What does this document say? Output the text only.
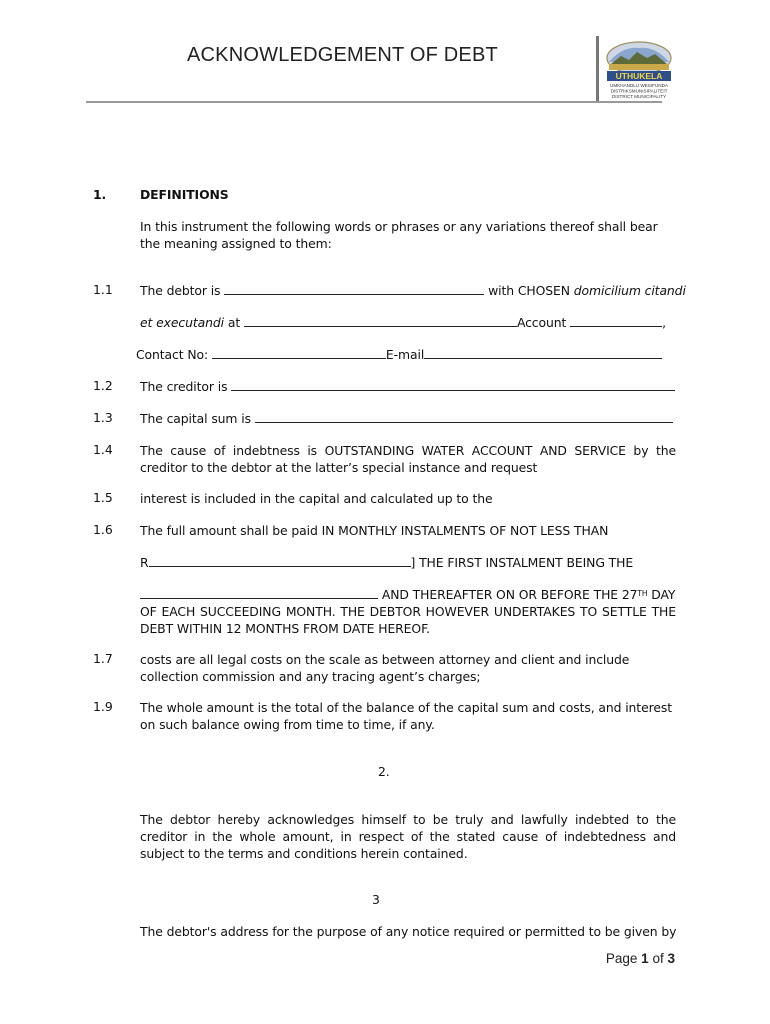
ACKNOWLEDGEMENT OF DEBT
UTHUKELA
UMKHANDLU WESIFUNDA
DISTRIKSMUNISIPALITEIT
DISTRICT MUNICIPALITY
1.	DEFINITIONS
In this instrument the following words or phrases or any variations thereof shall bear the meaning assigned to them:
1.1 The debtor is	with CHOSEN domicilium citandi
et executandi at	Account	,
Contact No:	E-mail
1.2 The creditor is
1.3 The capital sum is
1.4 The cause of indebtness is OUTSTANDING WATER ACCOUNT AND SERVICE by the creditor to the debtor at the latter’s special instance and request
1.5 interest is included in the capital and calculated up to the
1.6 The full amount shall be paid IN MONTHLY INSTALMENTS OF NOT LESS THAN
R	] THE FIRST INSTALMENT BEING THE
AND THEREAFTER ON OR BEFORE THE 27TH DAY
OF EACH SUCCEEDING MONTH. THE DEBTOR HOWEVER UNDERTAKES TO SETTLE THE DEBT WITHIN 12 MONTHS FROM DATE HEREOF.
1.7 costs are all legal costs on the scale as between attorney and client and include collection commission and any tracing agent’s charges;
1.9 The whole amount is the total of the balance of the capital sum and costs, and interest on such balance owing from time to time, if any.
2.
The debtor hereby acknowledges himself to be truly and lawfully indebted to the creditor in the whole amount, in respect of the stated cause of indebtedness and subject to the terms and conditions herein contained.
3
The debtor's address for the purpose of any notice required or permitted to be given by
Page 1 of 3
